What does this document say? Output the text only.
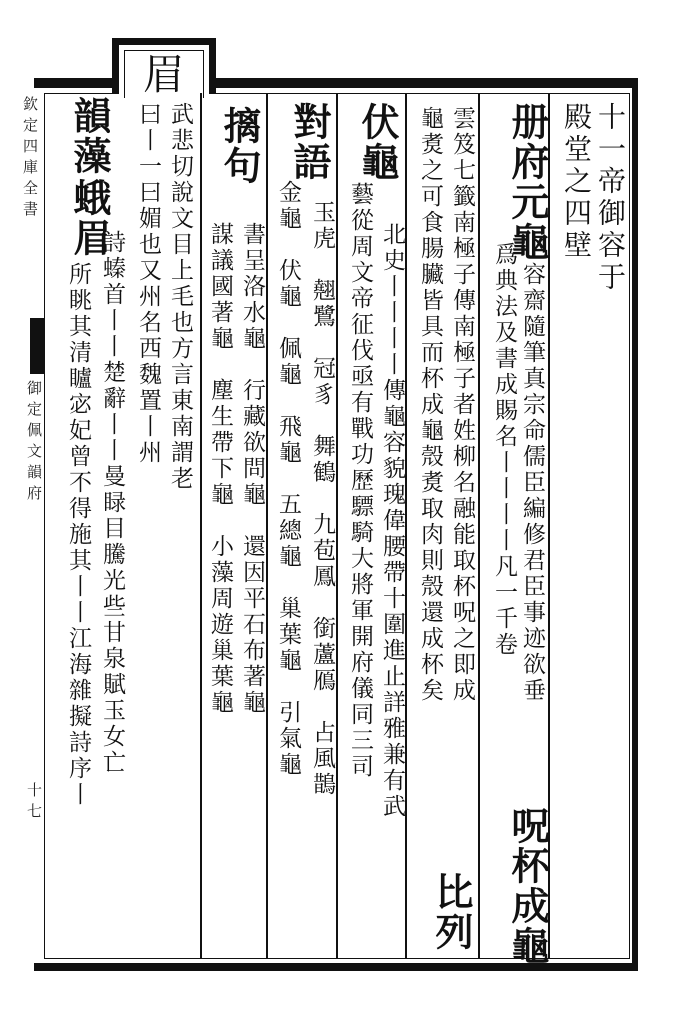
眉
欽定四庫全書
御定佩文韻府
十七
十一帝御容于
殿堂之四壁
册府元龜
容齋隨筆真宗命儒臣編修君臣事迹欲垂
爲典法及書成賜名丨丨丨丨凡一千卷
呪杯成龜
雲笈七籤南極子傳南極子者姓柳名融能取杯呪之即成
龜煑之可食腸臟皆具而杯成龜殼煑取肉則殼還成杯矣
比列
伏龜
北史丨丨丨丨傳龜容貌瑰偉腰帶十圍進止詳雅兼有武
藝從周文帝征伐亟有戰功歷驃騎大將軍開府儀同三司
對語
玉虎　翹鷺　冠豸　舞鶴　九苞鳳　銜蘆鴈　占風鵲
金龜　伏龜　佩龜　飛龜　五總龜　巢葉龜　引氣龜
摛句
書呈洛水龜　行藏欲問龜　還因平石布著龜
謀議國著龜　塵生帶下龜　小藻周遊巢葉龜
武悲切說文目上毛也方言東南謂老
曰丨一曰媚也又州名西魏置丨州
韻藻
蛾眉
詩螓首丨丨楚辭丨丨曼睩目騰光些甘泉賦玉女亡
所眺其清矑宓妃曾不得施其丨丨江海雜擬詩序丨
